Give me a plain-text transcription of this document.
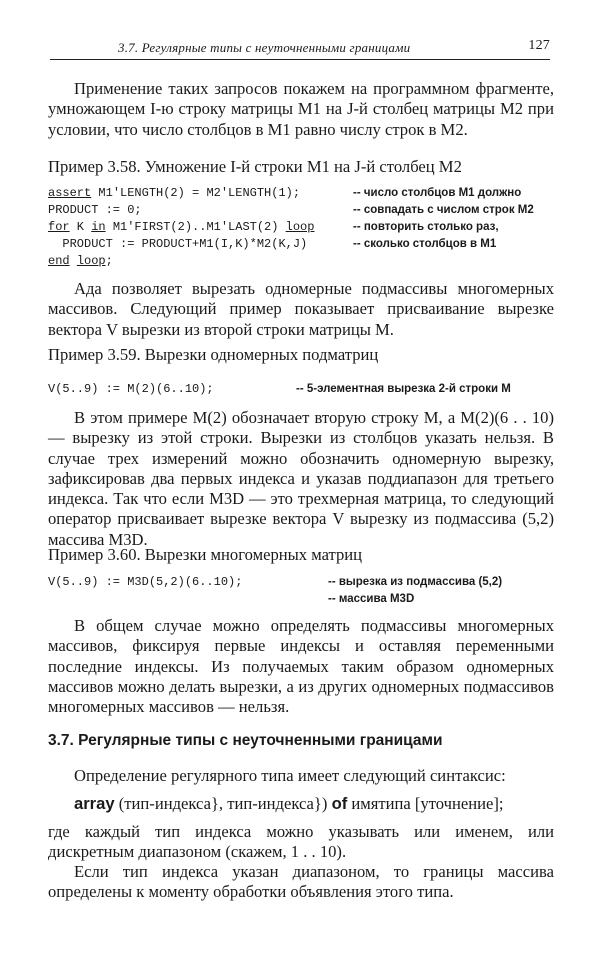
3.7. Регулярные типы с неуточненными границами	127

Применение таких запросов покажем на программном фрагменте, умножающем I-ю строку матрицы M1 на J-й столбец матрицы M2 при условии, что число столбцов в M1 равно числу строк в M2.

Пример 3.58. Умножение I-й строки M1 на J-й столбец M2

assert M1'LENGTH(2) = M2'LENGTH(1);	-- число столбцов M1 должно
PRODUCT := 0;	-- совпадать с числом строк M2
for K in M1'FIRST(2)..M1'LAST(2) loop	-- повторить столько раз,
PRODUCT := PRODUCT+M1(I,K)*M2(K,J)	-- сколько столбцов в M1
end loop;

Ада позволяет вырезать одномерные подмассивы многомерных массивов. Следующий пример показывает присваивание вырезке вектора V вырезки из второй строки матрицы M.

Пример 3.59. Вырезки одномерных подматриц

V(5..9) := M(2)(6..10);	-- 5-элементная вырезка 2-й строки M

В этом примере M(2) обозначает вторую строку M, а M(2)(6 . . 10) — вырезку из этой строки. Вырезки из столбцов указать нельзя. В случае трех измерений можно обозначить одномерную вырезку, зафиксировав два первых индекса и указав поддиапазон для третьего индекса. Так что если M3D — это трехмерная матрица, то следующий оператор присваивает вырезке вектора V вырезку из подмассива (5,2) массива M3D.

Пример 3.60. Вырезки многомерных матриц

V(5..9) := M3D(5,2)(6..10);	-- вырезка из подмассива (5,2)
-- массива M3D

В общем случае можно определять подмассивы многомерных массивов, фиксируя первые индексы и оставляя переменными последние индексы. Из получаемых таким образом одномерных массивов можно делать вырезки, а из других одномерных подмассивов многомерных массивов — нельзя.

3.7. Регулярные типы с неуточненными границами

Определение регулярного типа имеет следующий синтаксис:

array (тип-индекса}, тип-индекса}) of имятипа [уточнение];

где каждый тип индекса можно указывать или именем, или дискретным диапазоном (скажем, 1 . . 10).

Если тип индекса указан диапазоном, то границы массива определены к моменту обработки объявления этого типа.
